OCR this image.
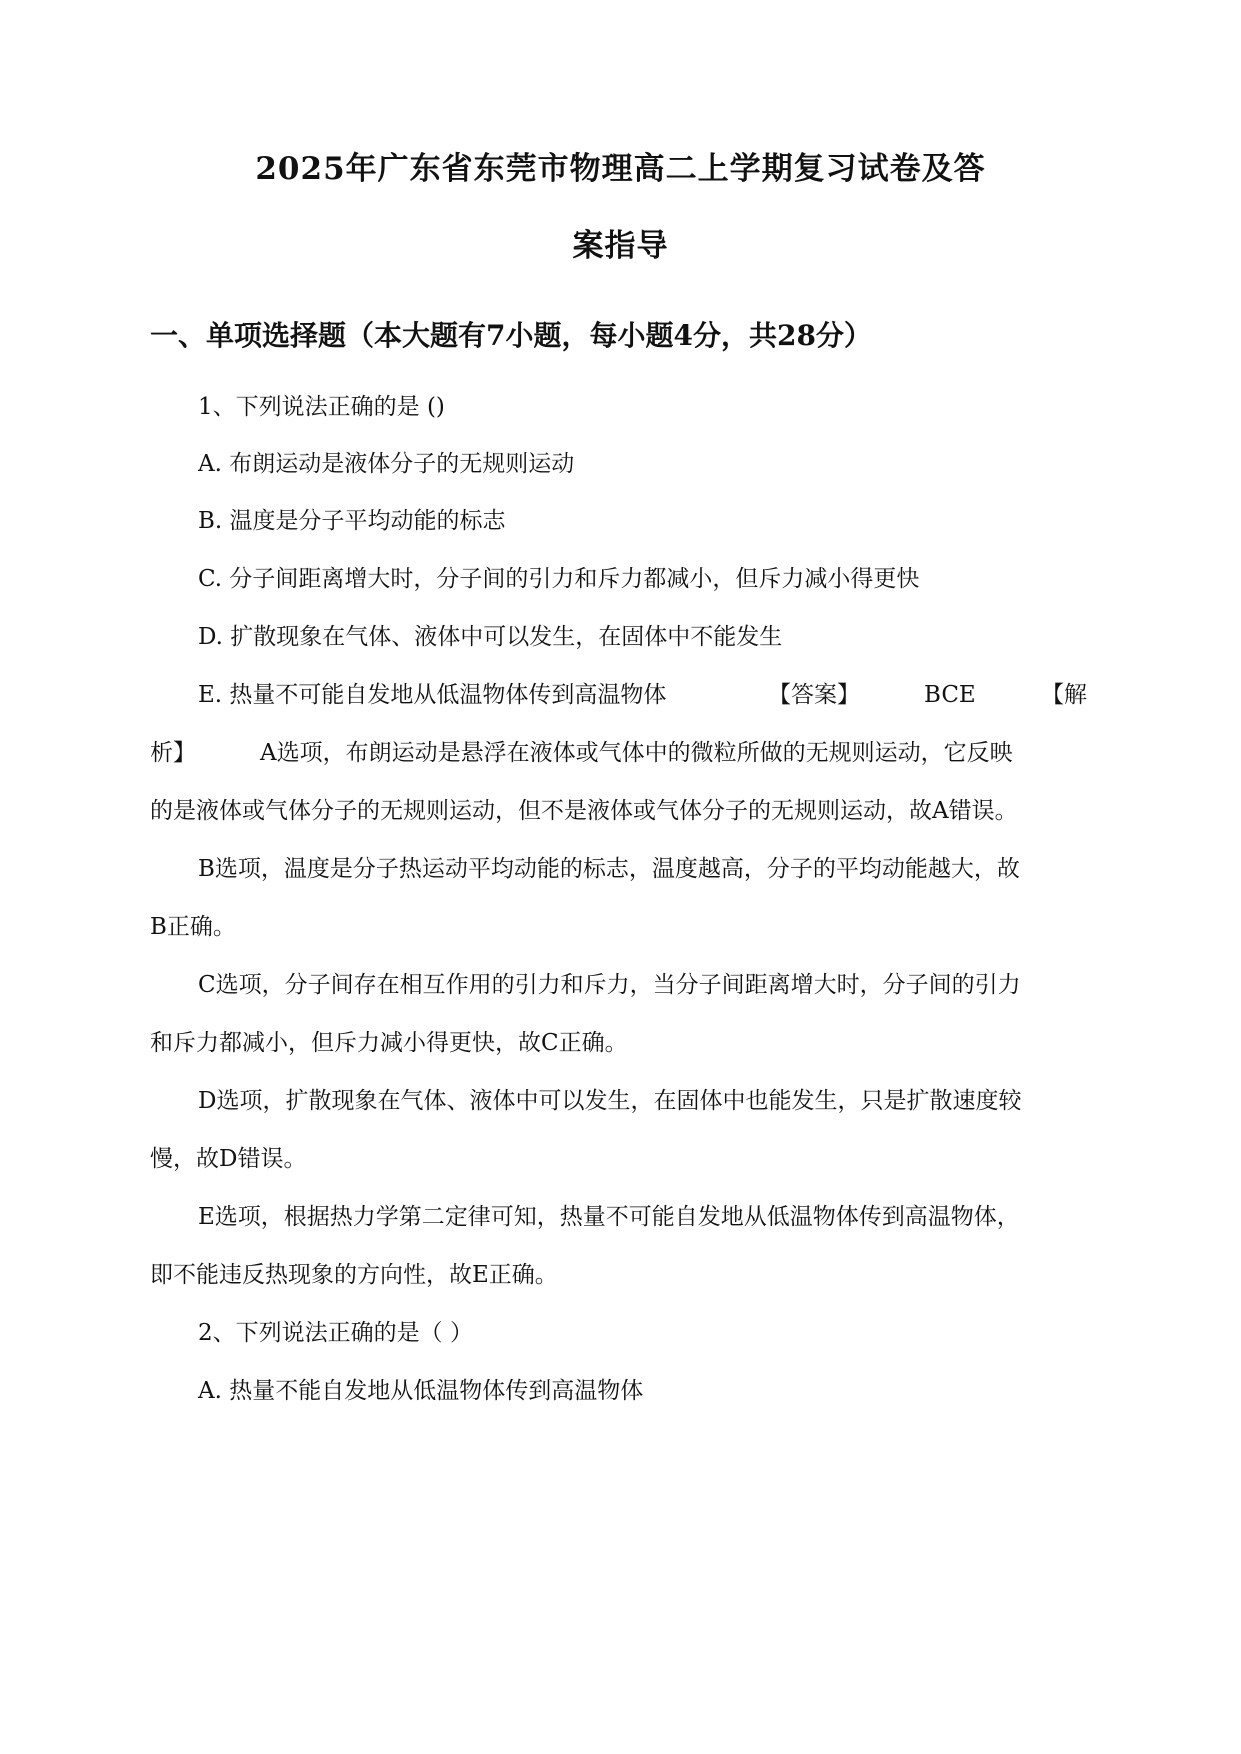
2025年广东省东莞市物理高二上学期复习试卷及答
案指导
一、单项选择题（本大题有7小题，每小题4分，共28分）
1、下列说法正确的是 ()
A. 布朗运动是液体分子的无规则运动
B. 温度是分子平均动能的标志
C. 分子间距离增大时，分子间的引力和斥力都减小，但斥力减小得更快
D. 扩散现象在气体、液体中可以发生，在固体中不能发生
E. 热量不可能自发地从低温物体传到高温物体	【答案】	BCE	【解
析】	A选项，布朗运动是悬浮在液体或气体中的微粒所做的无规则运动，它反映
的是液体或气体分子的无规则运动，但不是液体或气体分子的无规则运动，故A错误。
B选项，温度是分子热运动平均动能的标志，温度越高，分子的平均动能越大，故
B正确。
C选项，分子间存在相互作用的引力和斥力，当分子间距离增大时，分子间的引力
和斥力都减小，但斥力减小得更快，故C正确。
D选项，扩散现象在气体、液体中可以发生，在固体中也能发生，只是扩散速度较
慢，故D错误。
E选项，根据热力学第二定律可知，热量不可能自发地从低温物体传到高温物体，
即不能违反热现象的方向性，故E正确。
2、下列说法正确的是（ ）
A. 热量不能自发地从低温物体传到高温物体
